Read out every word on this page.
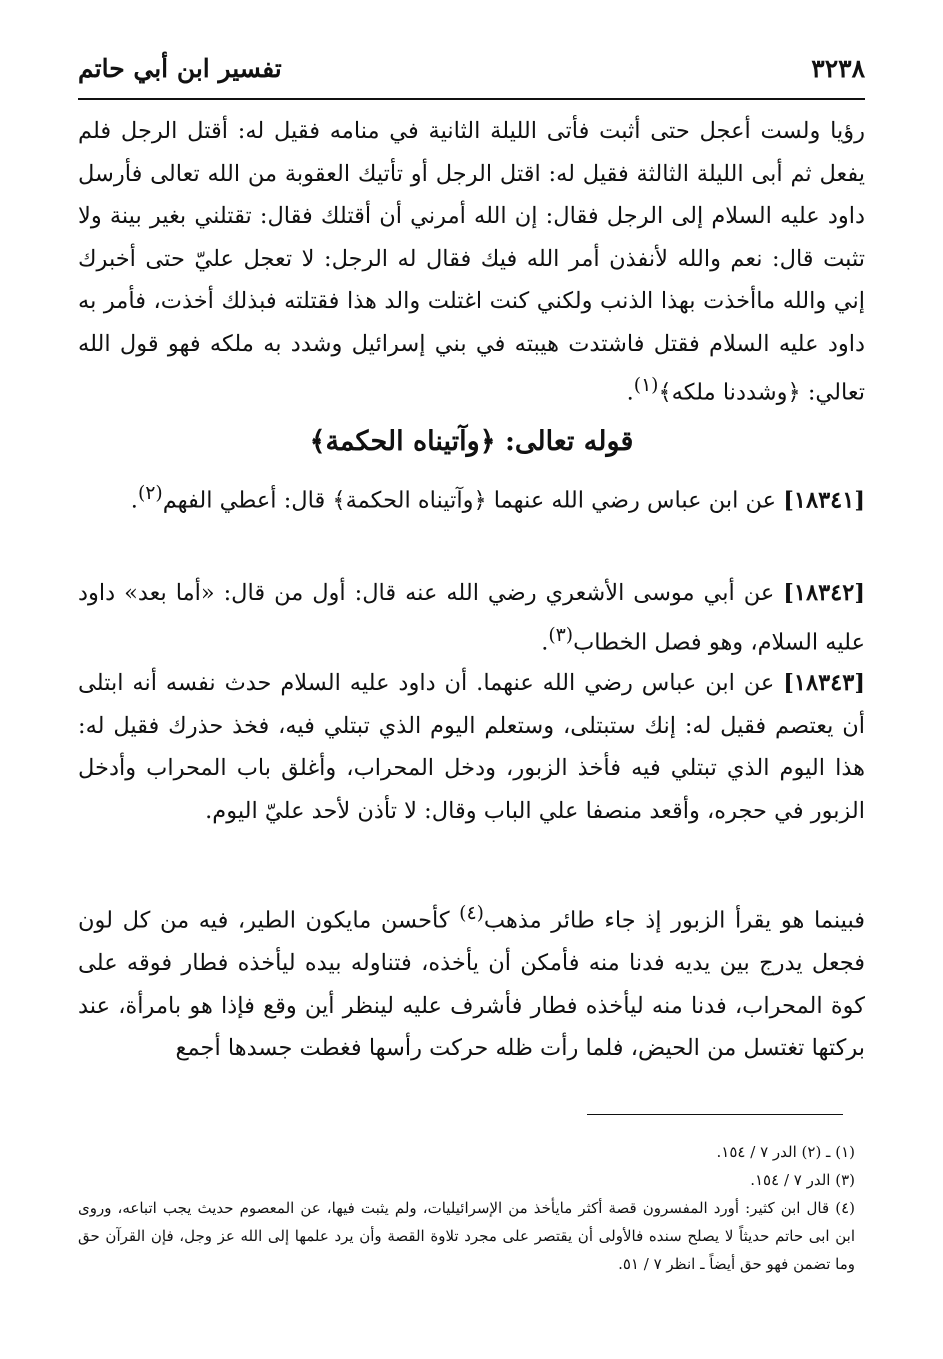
٣٢٣٨
تفسير ابن أبي حاتم

رؤيا ولست أعجل حتى أثبت فأتى الليلة الثانية في منامه فقيل له: أقتل الرجل فلم يفعل ثم أبى الليلة الثالثة فقيل له: اقتل الرجل أو تأتيك العقوبة من الله تعالى فأرسل داود عليه السلام إلى الرجل فقال: إن الله أمرني أن أقتلك فقال: تقتلني بغير بينة ولا تثبت قال: نعم والله لأنفذن أمر الله فيك فقال له الرجل: لا تعجل عليّ حتى أخبرك إني والله ماأخذت بهذا الذنب ولكني كنت اغتلت والد هذا فقتلته فبذلك أخذت، فأمر به داود عليه السلام فقتل فاشتدت هيبته في بني إسرائيل وشدد به ملكه فهو قول الله تعالي: ﴿وشددنا ملكه﴾$^{(١)}$.

قوله تعالى: ﴿وآتيناه الحكمة﴾

[١٨٣٤١] عن ابن عباس رضي الله عنهما ﴿وآتيناه الحكمة﴾ قال: أعطي الفهم$^{(٢)}$.

[١٨٣٤٢] عن أبي موسى الأشعري رضي الله عنه قال: أول من قال: «أما بعد» داود عليه السلام، وهو فصل الخطاب$^{(٣)}$.

[١٨٣٤٣] عن ابن عباس رضي الله عنهما. أن داود عليه السلام حدث نفسه أنه ابتلى أن يعتصم فقيل له: إنك ستبتلى، وستعلم اليوم الذي تبتلي فيه، فخذ حذرك فقيل له: هذا اليوم الذي تبتلي فيه فأخذ الزبور، ودخل المحراب، وأغلق باب المحراب وأدخل الزبور في حجره، وأقعد منصفا علي الباب وقال: لا تأذن لأحد عليّ اليوم.

فبينما هو يقرأ الزبور إذ جاء طائر مذهب$^{(٤)}$ كأحسن مايكون الطير، فيه من كل لون فجعل يدرج بين يديه فدنا منه فأمكن أن يأخذه، فتناوله بيده ليأخذه فطار فوقه على كوة المحراب، فدنا منه ليأخذه فطار فأشرف عليه لينظر أين وقع فإذا هو بامرأة، عند بركتها تغتسل من الحيض، فلما رأت ظله حركت رأسها فغطت جسدها أجمع

(١) ـ (٢) الدر ٧ / ١٥٤.

(٣) الدر ٧ / ١٥٤.

(٤) قال ابن كثير: أورد المفسرون قصة أكثر مايأخذ من الإسرائيليات، ولم يثبت فيها، عن المعصوم حديث يجب اتباعه، وروى ابن ابى حاتم حديثاً لا يصلح سنده فالأولى أن يقتصر على مجرد تلاوة القصة وأن يرد علمها إلى الله عز وجل، فإن القرآن حق وما تضمن فهو حق أيضاً ـ انظر ٧ / ٥١.
